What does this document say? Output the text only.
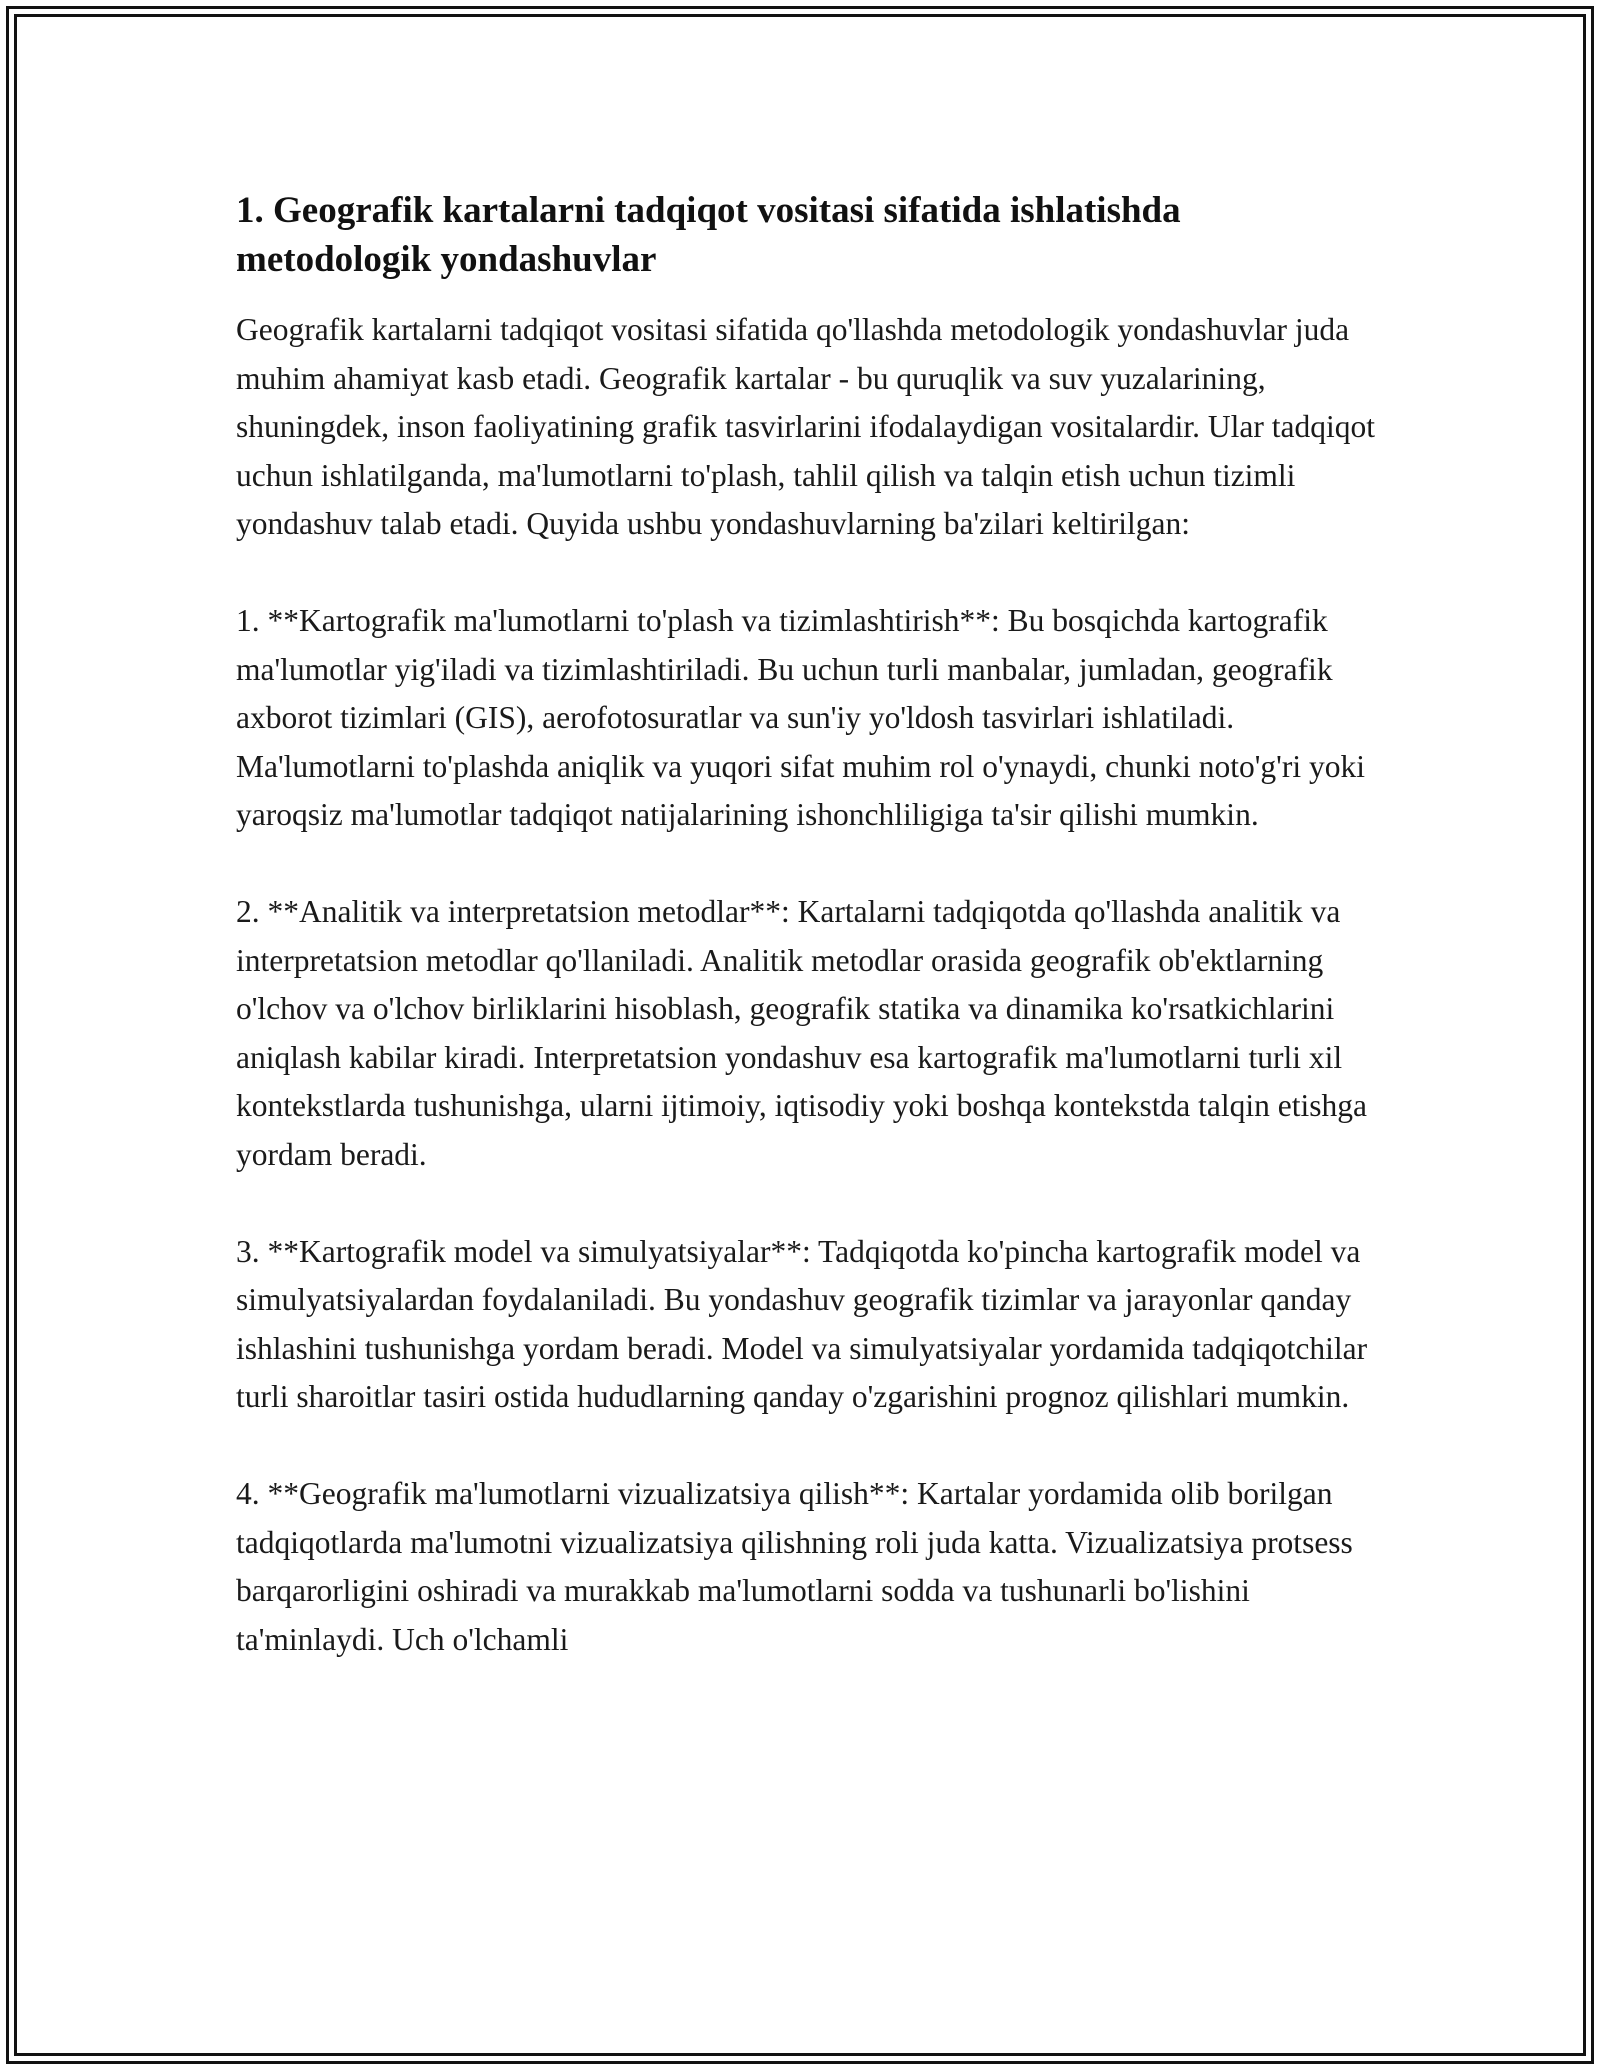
1. Geografik kartalarni tadqiqot vositasi sifatida ishlatishda metodologik yondashuvlar

Geografik kartalarni tadqiqot vositasi sifatida qo'llashda metodologik yondashuvlar juda muhim ahamiyat kasb etadi. Geografik kartalar - bu quruqlik va suv yuzalarining, shuningdek, inson faoliyatining grafik tasvirlarini ifodalaydigan vositalardir. Ular tadqiqot uchun ishlatilganda, ma'lumotlarni to'plash, tahlil qilish va talqin etish uchun tizimli yondashuv talab etadi. Quyida ushbu yondashuvlarning ba'zilari keltirilgan:

1. **Kartografik ma'lumotlarni to'plash va tizimlashtirish**: Bu bosqichda kartografik ma'lumotlar yig'iladi va tizimlashtiriladi. Bu uchun turli manbalar, jumladan, geografik axborot tizimlari (GIS), aerofotosuratlar va sun'iy yo'ldosh tasvirlari ishlatiladi. Ma'lumotlarni to'plashda aniqlik va yuqori sifat muhim rol o'ynaydi, chunki noto'g'ri yoki yaroqsiz ma'lumotlar tadqiqot natijalarining ishonchliligiga ta'sir qilishi mumkin.

2. **Analitik va interpretatsion metodlar**: Kartalarni tadqiqotda qo'llashda analitik va interpretatsion metodlar qo'llaniladi. Analitik metodlar orasida geografik ob'ektlarning o'lchov va o'lchov birliklarini hisoblash, geografik statika va dinamika ko'rsatkichlarini aniqlash kabilar kiradi. Interpretatsion yondashuv esa kartografik ma'lumotlarni turli xil kontekstlarda tushunishga, ularni ijtimoiy, iqtisodiy yoki boshqa kontekstda talqin etishga yordam beradi.

3. **Kartografik model va simulyatsiyalar**: Tadqiqotda ko'pincha kartografik model va simulyatsiyalardan foydalaniladi. Bu yondashuv geografik tizimlar va jarayonlar qanday ishlashini tushunishga yordam beradi. Model va simulyatsiyalar yordamida tadqiqotchilar turli sharoitlar tasiri ostida hududlarning qanday o'zgarishini prognoz qilishlari mumkin.

4. **Geografik ma'lumotlarni vizualizatsiya qilish**: Kartalar yordamida olib borilgan tadqiqotlarda ma'lumotni vizualizatsiya qilishning roli juda katta. Vizualizatsiya protsess barqarorligini oshiradi va murakkab ma'lumotlarni sodda va tushunarli bo'lishini ta'minlaydi. Uch o'lchamli
